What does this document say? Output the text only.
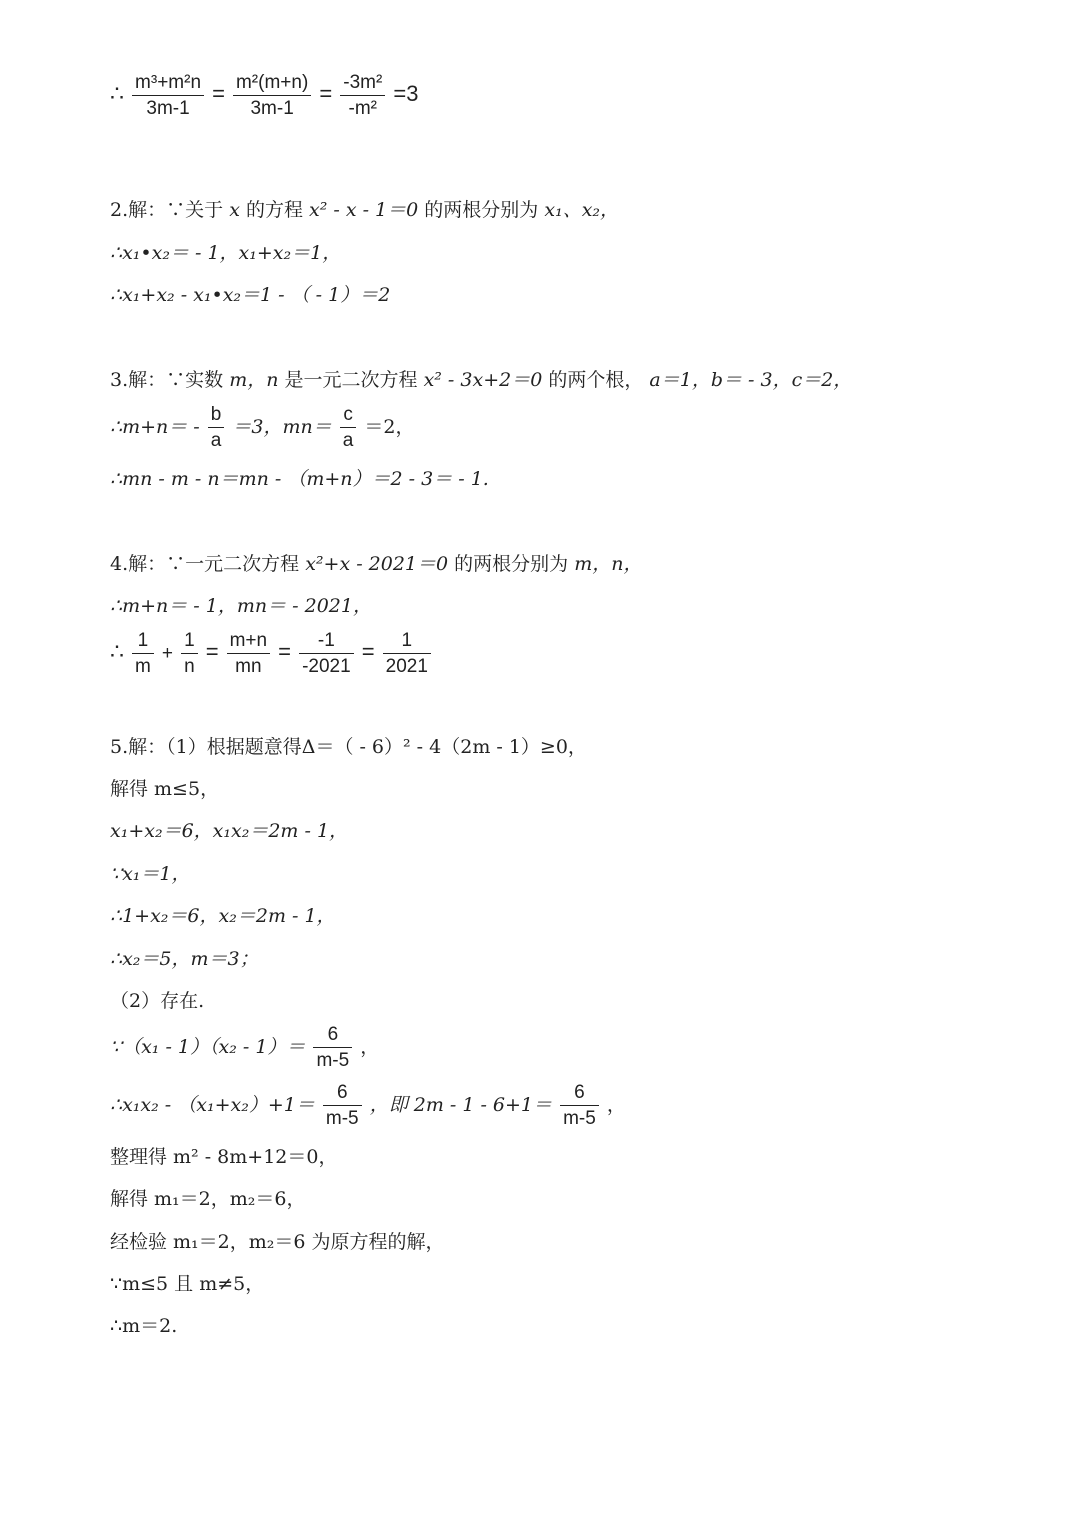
∴ $\frac{\text{m³+m²n}}{3m-1} = \frac{\text{m²(m+n)}}{3m-1} = \frac{\text{-3m²}}{\text{-m²}} =3$
2.解：∵关于 x 的方程 x² - x - 1＝0 的两根分别为 x₁、x₂，
∴x₁•x₂＝ - 1，x₁+x₂＝1，
∴x₁+x₂ - x₁•x₂＝1 - （ - 1）＝2
3.解：∵实数 m，n 是一元二次方程 x² - 3x+2＝0 的两个根， a＝1，b＝ - 3，c＝2，
∴m+n＝ - $\frac{b}{a} =3$，$mn= \frac{c}{a} =2$，
∴mn - m - n＝mn - （m+n）＝2 - 3＝ - 1.
4.解：∵一元二次方程 x²+x - 2021＝0 的两根分别为 m，n，
∴m+n＝ - 1，mn＝ - 2021，
∴ $\frac{1}{m} + \frac{1}{n} = \frac{m+n}{mn} = \frac{-1}{-2021} = \frac{1}{2021}$
5.解：（1）根据题意得Δ＝（ - 6）² - 4（2m - 1）≥0，
解得 m≤5，
x₁+x₂＝6，x₁x₂＝2m - 1，
∵x₁＝1，
∴1+x₂＝6，x₂＝2m - 1，
∴x₂＝5，m＝3；
（2）存在.
∵（x₁ - $1)(x_2 - 1)= \frac{6}{m-5}$ ，
∴x₁x₂ - $(x_1+x_2)+1= \frac{6}{m-5}$ ，即 $2m - 1 - 6+1= \frac{6}{m-5}$ ，
整理得 m² - 8m+12＝0，
解得 m₁＝2，m₂＝6，
经检验 m₁＝2，m₂＝6 为原方程的解，
∵m≤5 且 m≠5，
∴m＝2.
